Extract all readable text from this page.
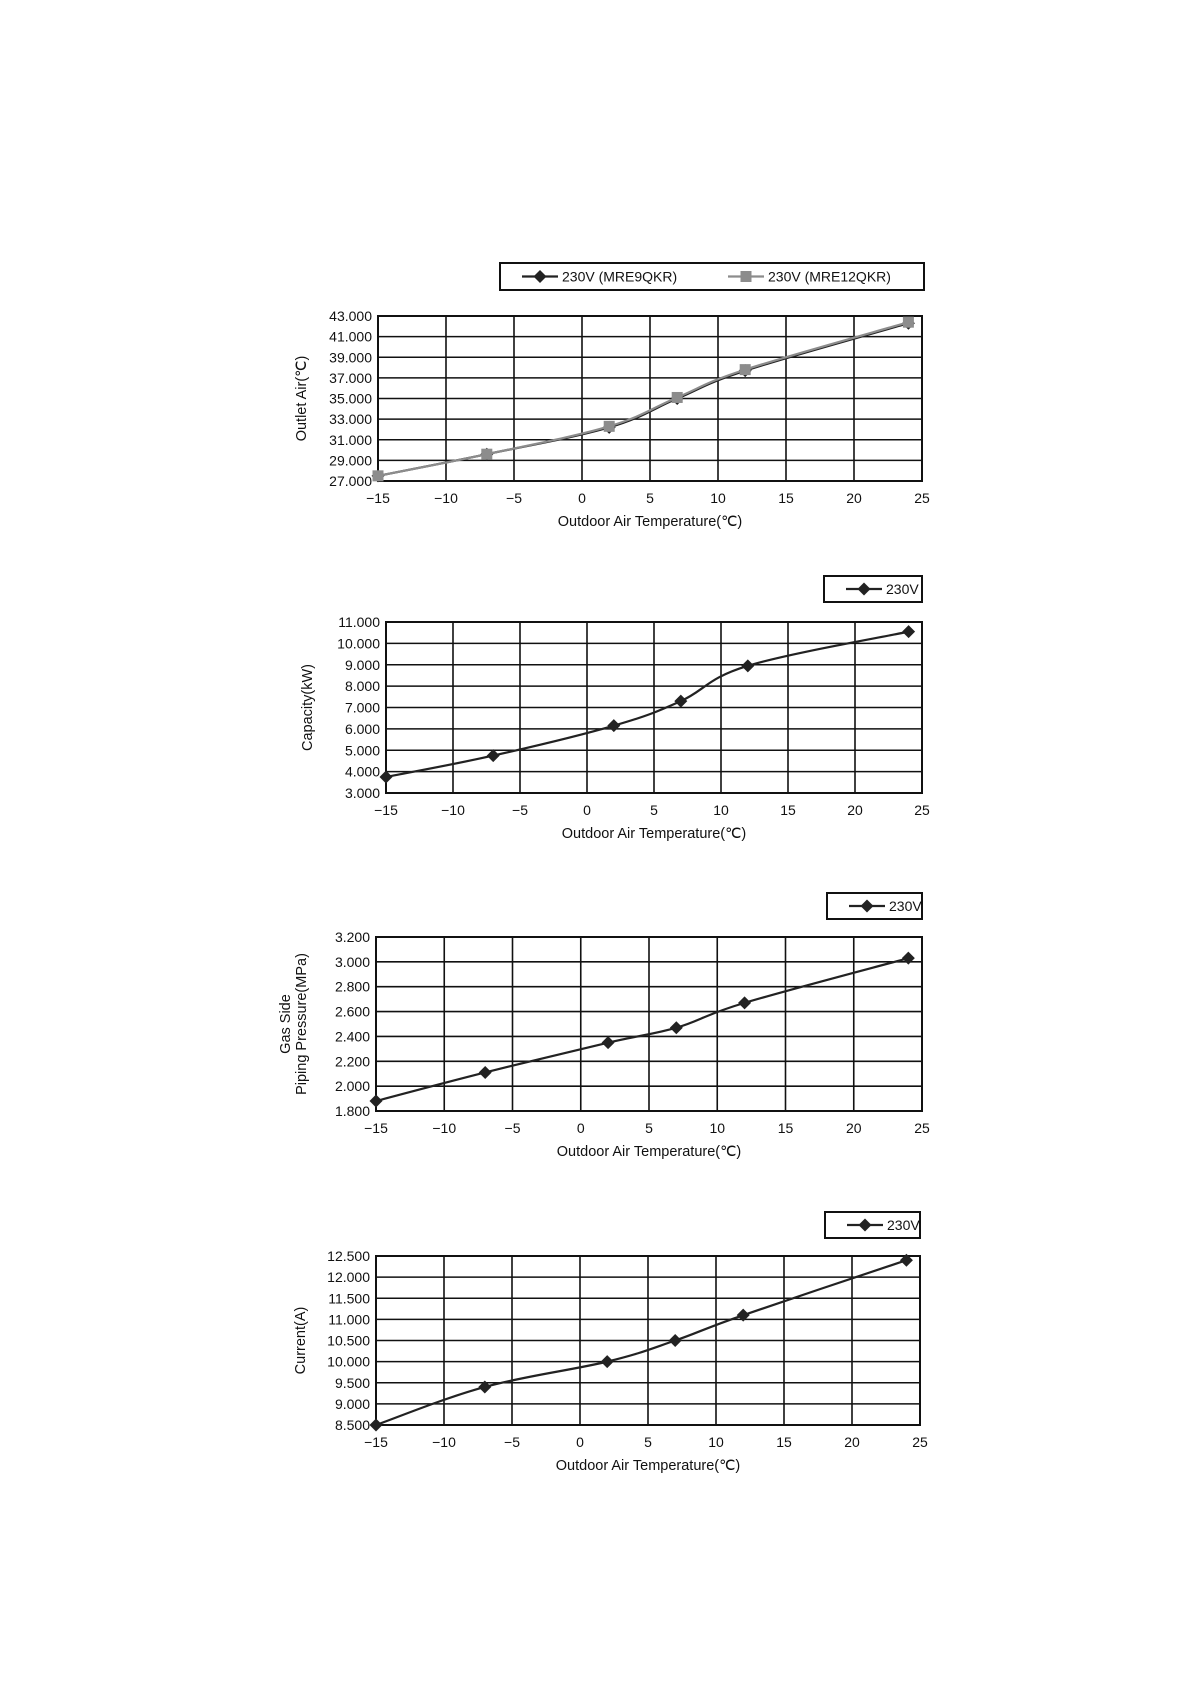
−15	−10	−5	0	5	10	15	20	25
27.000
29.000
31.000
33.000
35.000
37.000
39.000
41.000
43.000
Outdoor Air Temperature(℃)
Outlet Air(℃)
230V (MRE9QKR)	230V (MRE12QKR)
−15	−10	−5	0	5	10	15	20	25
3.000
4.000
5.000
6.000
7.000
8.000
9.000
10.000
11.000
Outdoor Air Temperature(℃)
Capacity(kW)
230V
−15	−10	−5	0	5	10	15	20	25
1.800
2.000
2.200
2.400
2.600
2.800
3.000
3.200
Outdoor Air Temperature(℃)
Gas Side Piping Pressure(MPa)
230V
−15	−10	−5	0	5	10	15	20	25
8.500
9.000
9.500
10.000
10.500
11.000
11.500
12.000
12.500
Outdoor Air Temperature(℃)
Current(A)
230V
